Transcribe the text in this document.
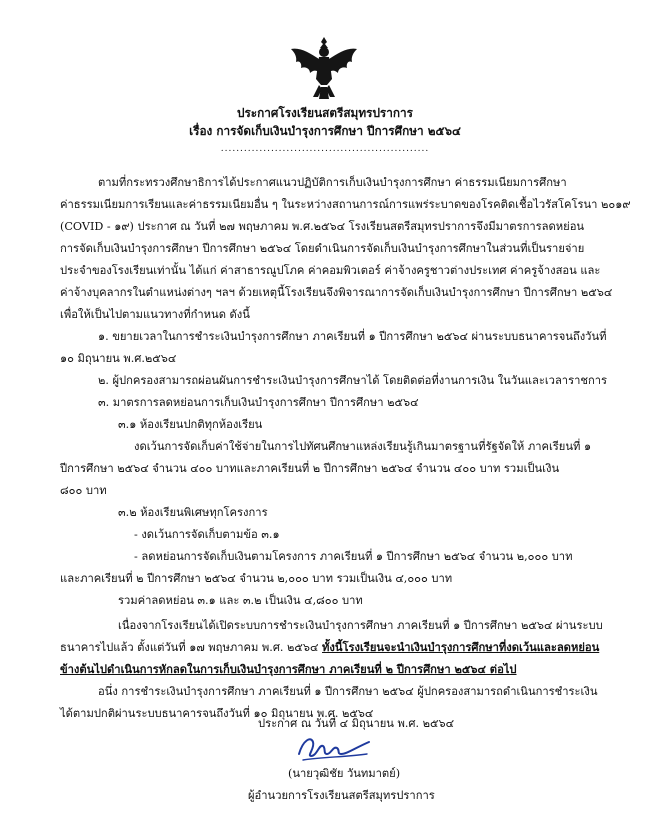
ประกาศโรงเรียนสตรีสมุทรปราการ
เรื่อง การจัดเก็บเงินบำรุงการศึกษา ปีการศึกษา ๒๕๖๔
......................................................
ตามที่กระทรวงศึกษาธิการได้ประกาศแนวปฏิบัติการเก็บเงินบำรุงการศึกษา ค่าธรรมเนียมการศึกษา
ค่าธรรมเนียมการเรียนและค่าธรรมเนียมอื่น ๆ ในระหว่างสถานการณ์การแพร่ระบาดของโรคติดเชื้อไวรัสโคโรนา ๒๐๑๙
(COVID - ๑๙) ประกาศ ณ วันที่ ๒๗ พฤษภาคม พ.ศ.๒๕๖๔ โรงเรียนสตรีสมุทรปราการจึงมีมาตรการลดหย่อน
การจัดเก็บเงินบำรุงการศึกษา ปีการศึกษา ๒๕๖๔ โดยดำเนินการจัดเก็บเงินบำรุงการศึกษาในส่วนที่เป็นรายจ่าย
ประจำของโรงเรียนเท่านั้น ได้แก่ ค่าสาธารณูปโภค ค่าคอมพิวเตอร์ ค่าจ้างครูชาวต่างประเทศ ค่าครูจ้างสอน และ
ค่าจ้างบุคลากรในตำแหน่งต่างๆ ฯลฯ ด้วยเหตุนี้โรงเรียนจึงพิจารณาการจัดเก็บเงินบำรุงการศึกษา ปีการศึกษา ๒๕๖๔
เพื่อให้เป็นไปตามแนวทางที่กำหนด ดังนี้
๑. ขยายเวลาในการชำระเงินบำรุงการศึกษา ภาคเรียนที่ ๑ ปีการศึกษา ๒๕๖๔ ผ่านระบบธนาคารจนถึงวันที่
๑๐ มิถุนายน พ.ศ.๒๕๖๔
๒. ผู้ปกครองสามารถผ่อนผันการชำระเงินบำรุงการศึกษาได้ โดยติดต่อที่งานการเงิน ในวันและเวลาราชการ
๓. มาตรการลดหย่อนการเก็บเงินบำรุงการศึกษา ปีการศึกษา ๒๕๖๔
๓.๑ ห้องเรียนปกติทุกห้องเรียน
งดเว้นการจัดเก็บค่าใช้จ่ายในการไปทัศนศึกษาแหล่งเรียนรู้เกินมาตรฐานที่รัฐจัดให้ ภาคเรียนที่ ๑
ปีการศึกษา ๒๕๖๔ จำนวน ๔๐๐ บาทและภาคเรียนที่ ๒ ปีการศึกษา ๒๕๖๔ จำนวน ๔๐๐ บาท รวมเป็นเงิน
๘๐๐ บาท
๓.๒ ห้องเรียนพิเศษทุกโครงการ
- งดเว้นการจัดเก็บตามข้อ ๓.๑
- ลดหย่อนการจัดเก็บเงินตามโครงการ ภาคเรียนที่ ๑ ปีการศึกษา ๒๕๖๔ จำนวน ๒,๐๐๐ บาท
และภาคเรียนที่ ๒ ปีการศึกษา ๒๕๖๔ จำนวน ๒,๐๐๐ บาท รวมเป็นเงิน ๔,๐๐๐ บาท
รวมค่าลดหย่อน ๓.๑ และ ๓.๒ เป็นเงิน ๔,๘๐๐ บาท
เนื่องจากโรงเรียนได้เปิดระบบการชำระเงินบำรุงการศึกษา ภาคเรียนที่ ๑ ปีการศึกษา ๒๕๖๔ ผ่านระบบ
ธนาคารไปแล้ว ตั้งแต่วันที่ ๑๗ พฤษภาคม พ.ศ. ๒๕๖๔ ทั้งนี้โรงเรียนจะนำเงินบำรุงการศึกษาที่งดเว้นและลดหย่อน
ข้างต้นไปดำเนินการหักลดในการเก็บเงินบำรุงการศึกษา ภาคเรียนที่ ๒ ปีการศึกษา ๒๕๖๔ ต่อไป
อนึ่ง การชำระเงินบำรุงการศึกษา ภาคเรียนที่ ๑ ปีการศึกษา ๒๕๖๔ ผู้ปกครองสามารถดำเนินการชำระเงิน
ได้ตามปกติผ่านระบบธนาคารจนถึงวันที่ ๑๐ มิถุนายน พ.ศ. ๒๕๖๔
ประกาศ ณ วันที่ ๔ มิถุนายน พ.ศ. ๒๕๖๔
(นายวุฒิชัย วันทมาตย์)
ผู้อำนวยการโรงเรียนสตรีสมุทรปราการ
